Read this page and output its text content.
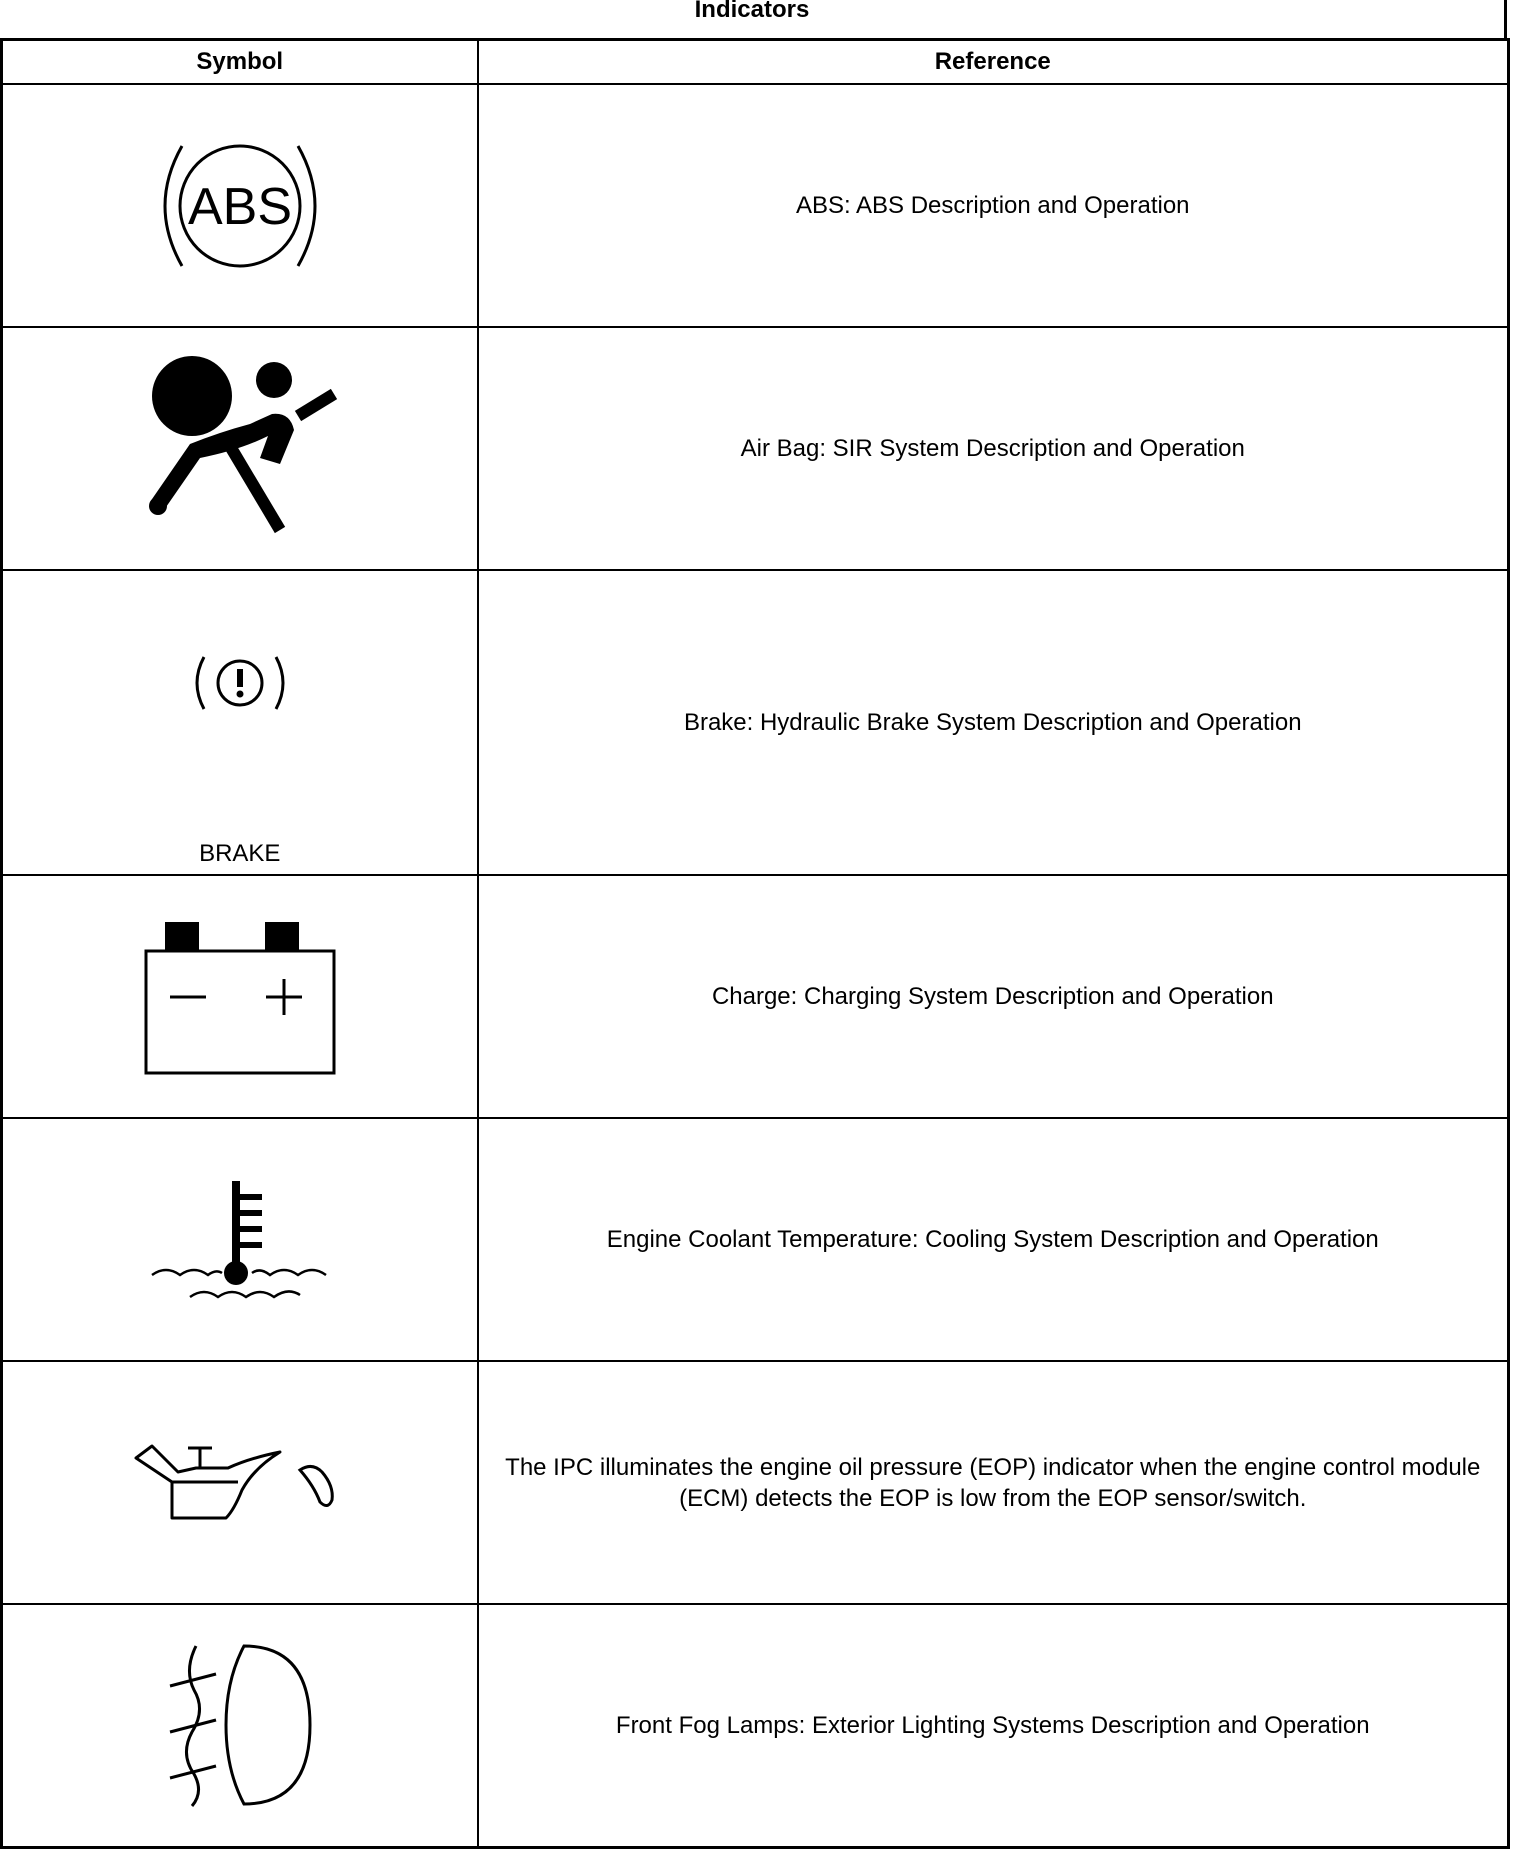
Indicators
Symbol	Reference

ABS	ABS: ABS Description and Operation

	Air Bag: SIR System Description and Operation

BRAKE	Brake: Hydraulic Brake System Description and Operation

	Charge: Charging System Description and Operation

	Engine Coolant Temperature: Cooling System Description and Operation

	The IPC illuminates the engine oil pressure (EOP) indicator when the engine control module (ECM) detects the EOP is low from the EOP sensor/switch.

	Front Fog Lamps: Exterior Lighting Systems Description and Operation
